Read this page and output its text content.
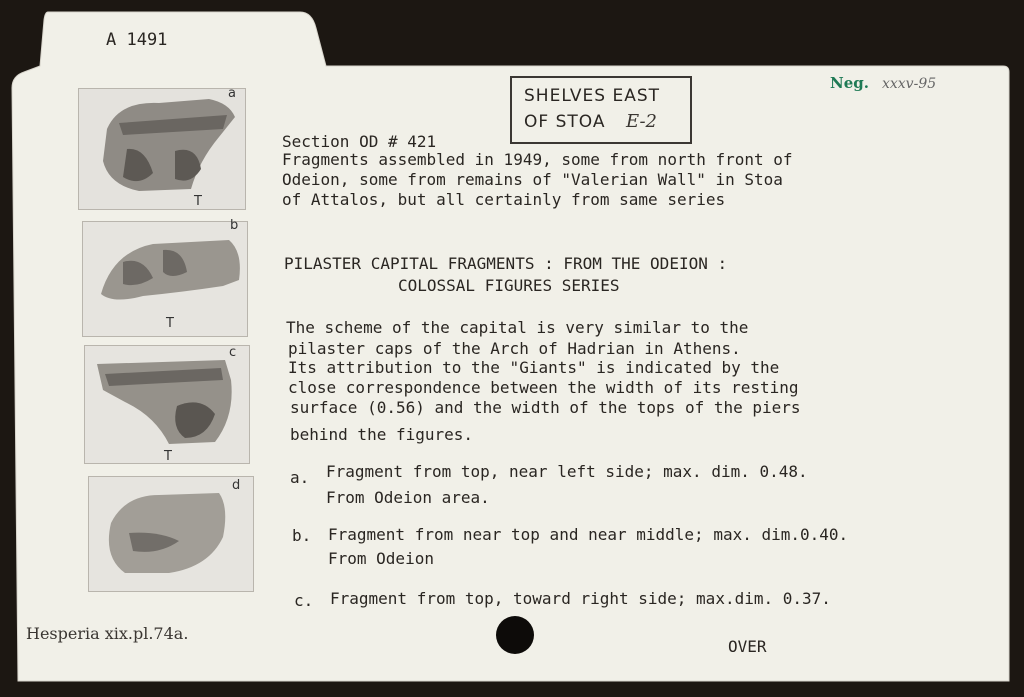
A 1491
SHELVES EAST
OF STOA E-2
Neg. xxxv-95
a
T
b
T
c
T
d
Section OD # 421
Fragments assembled in 1949, some from north front of
Odeion, some from remains of "Valerian Wall" in Stoa
of Attalos, but all certainly from same series
PILASTER CAPITAL FRAGMENTS : FROM THE ODEION :
COLOSSAL FIGURES SERIES
The scheme of the capital is very similar to the
pilaster caps of the Arch of Hadrian in Athens.
Its attribution to the "Giants" is indicated by the
close correspondence between the width of its resting
surface (0.56) and the width of the tops of the piers
behind the figures.
a. Fragment from top, near left side; max. dim. 0.48.
From Odeion area.
b. Fragment from near top and near middle; max. dim.0.40.
From Odeion
c. Fragment from top, toward right side; max.dim. 0.37.
Hesperia xix.pl.74a.
OVER
